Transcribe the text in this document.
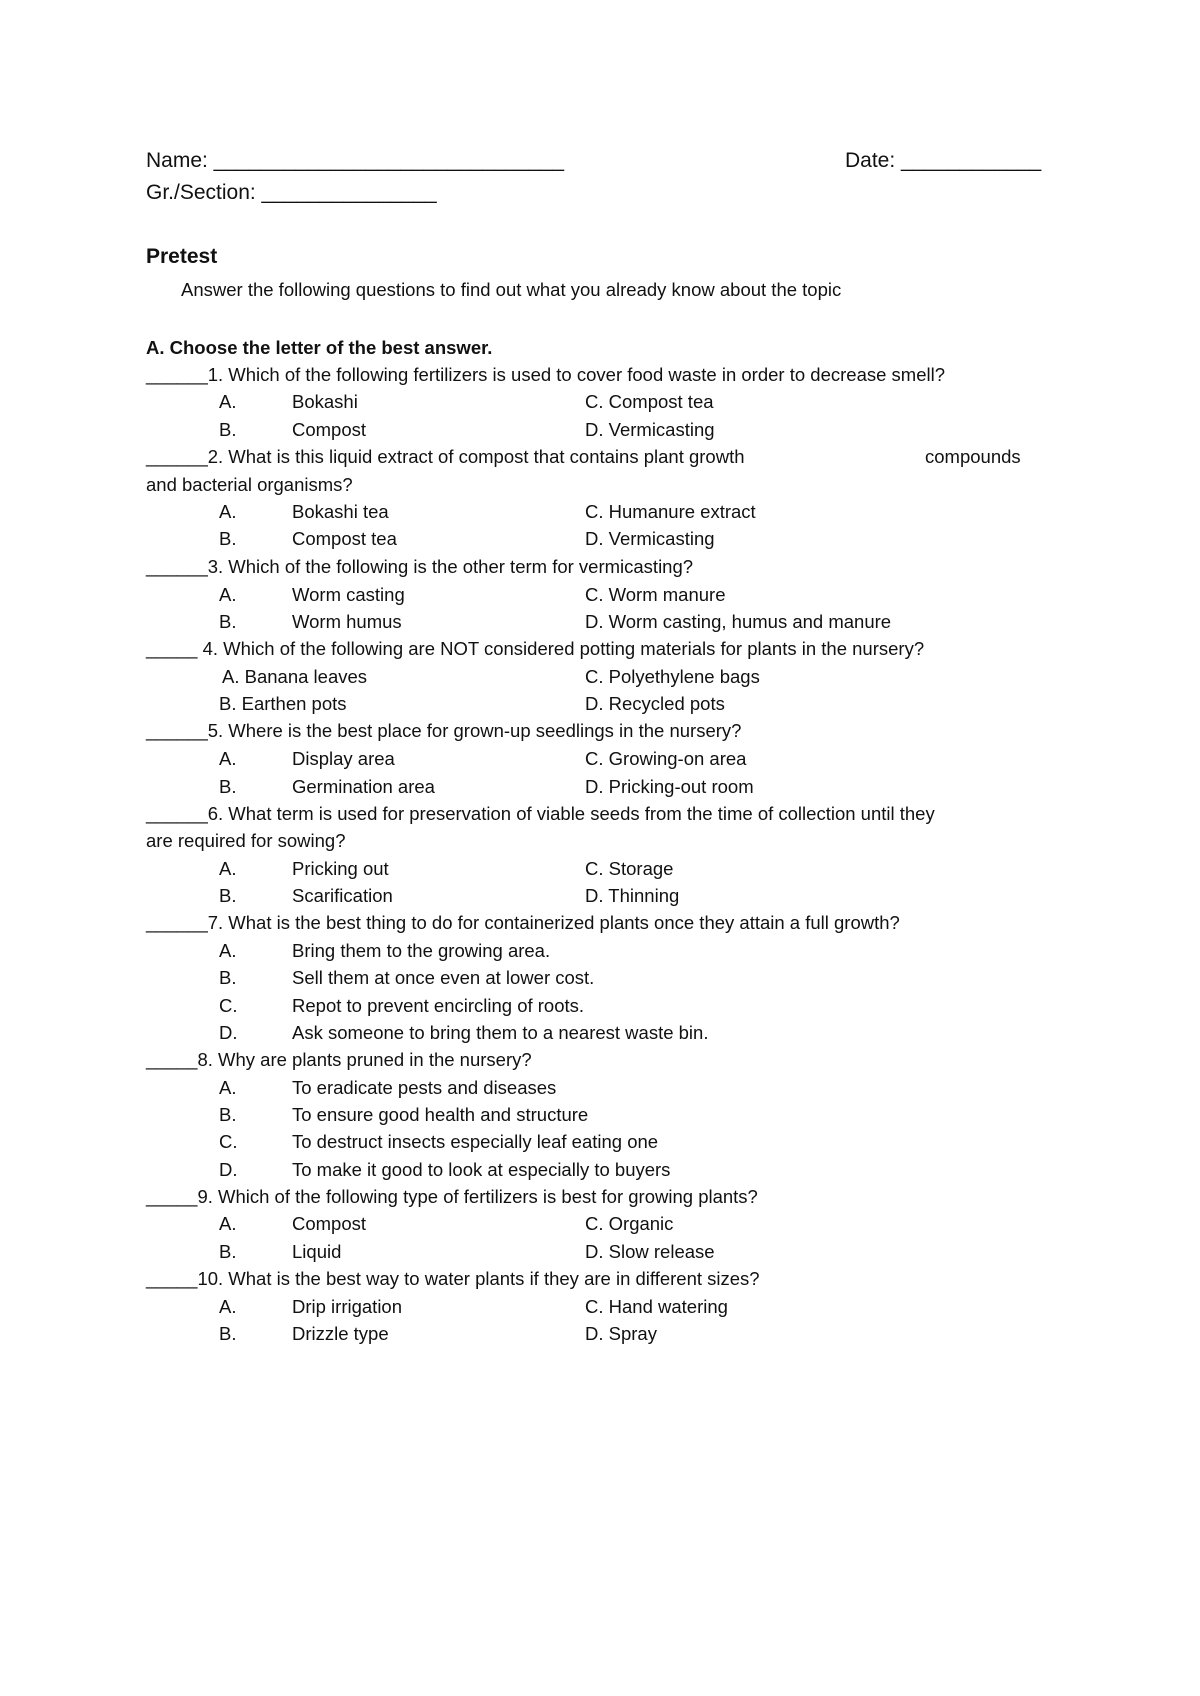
Name: ______________________________	Date: ____________
Gr./Section: _______________
Pretest
Answer the following questions to find out what you already know about the topic
A. Choose the letter of the best answer.
______1. Which of the following fertilizers is used to cover food waste in order to decrease smell?
A.	Bokashi	C. Compost tea
B.	Compost	D. Vermicasting
______2. What is this liquid extract of compost that contains plant growth	compounds
and bacterial organisms?
A.	Bokashi tea	C. Humanure extract
B.	Compost tea	D. Vermicasting
______3. Which of the following is the other term for vermicasting?
A.	Worm casting	C. Worm manure
B.	Worm humus	D. Worm casting, humus and manure
_____ 4. Which of the following are NOT considered potting materials for plants in the nursery?
A. Banana leaves	C. Polyethylene bags
B. Earthen pots	D. Recycled pots
______5. Where is the best place for grown-up seedlings in the nursery?
A.	Display area	C. Growing-on area
B.	Germination area	D. Pricking-out room
______6. What term is used for preservation of viable seeds from the time of collection until they
are required for sowing?
A.	Pricking out	C. Storage
B.	Scarification	D. Thinning
______7. What is the best thing to do for containerized plants once they attain a full growth?
A.	Bring them to the growing area.
B.	Sell them at once even at lower cost.
C.	Repot to prevent encircling of roots.
D.	Ask someone to bring them to a nearest waste bin.
_____8. Why are plants pruned in the nursery?
A.	To eradicate pests and diseases
B.	To ensure good health and structure
C.	To destruct insects especially leaf eating one
D.	To make it good to look at especially to buyers
_____9. Which of the following type of fertilizers is best for growing plants?
A.	Compost	C. Organic
B.	Liquid	D. Slow release
_____10. What is the best way to water plants if they are in different sizes?
A.	Drip irrigation	C. Hand watering
B.	Drizzle type	D. Spray
